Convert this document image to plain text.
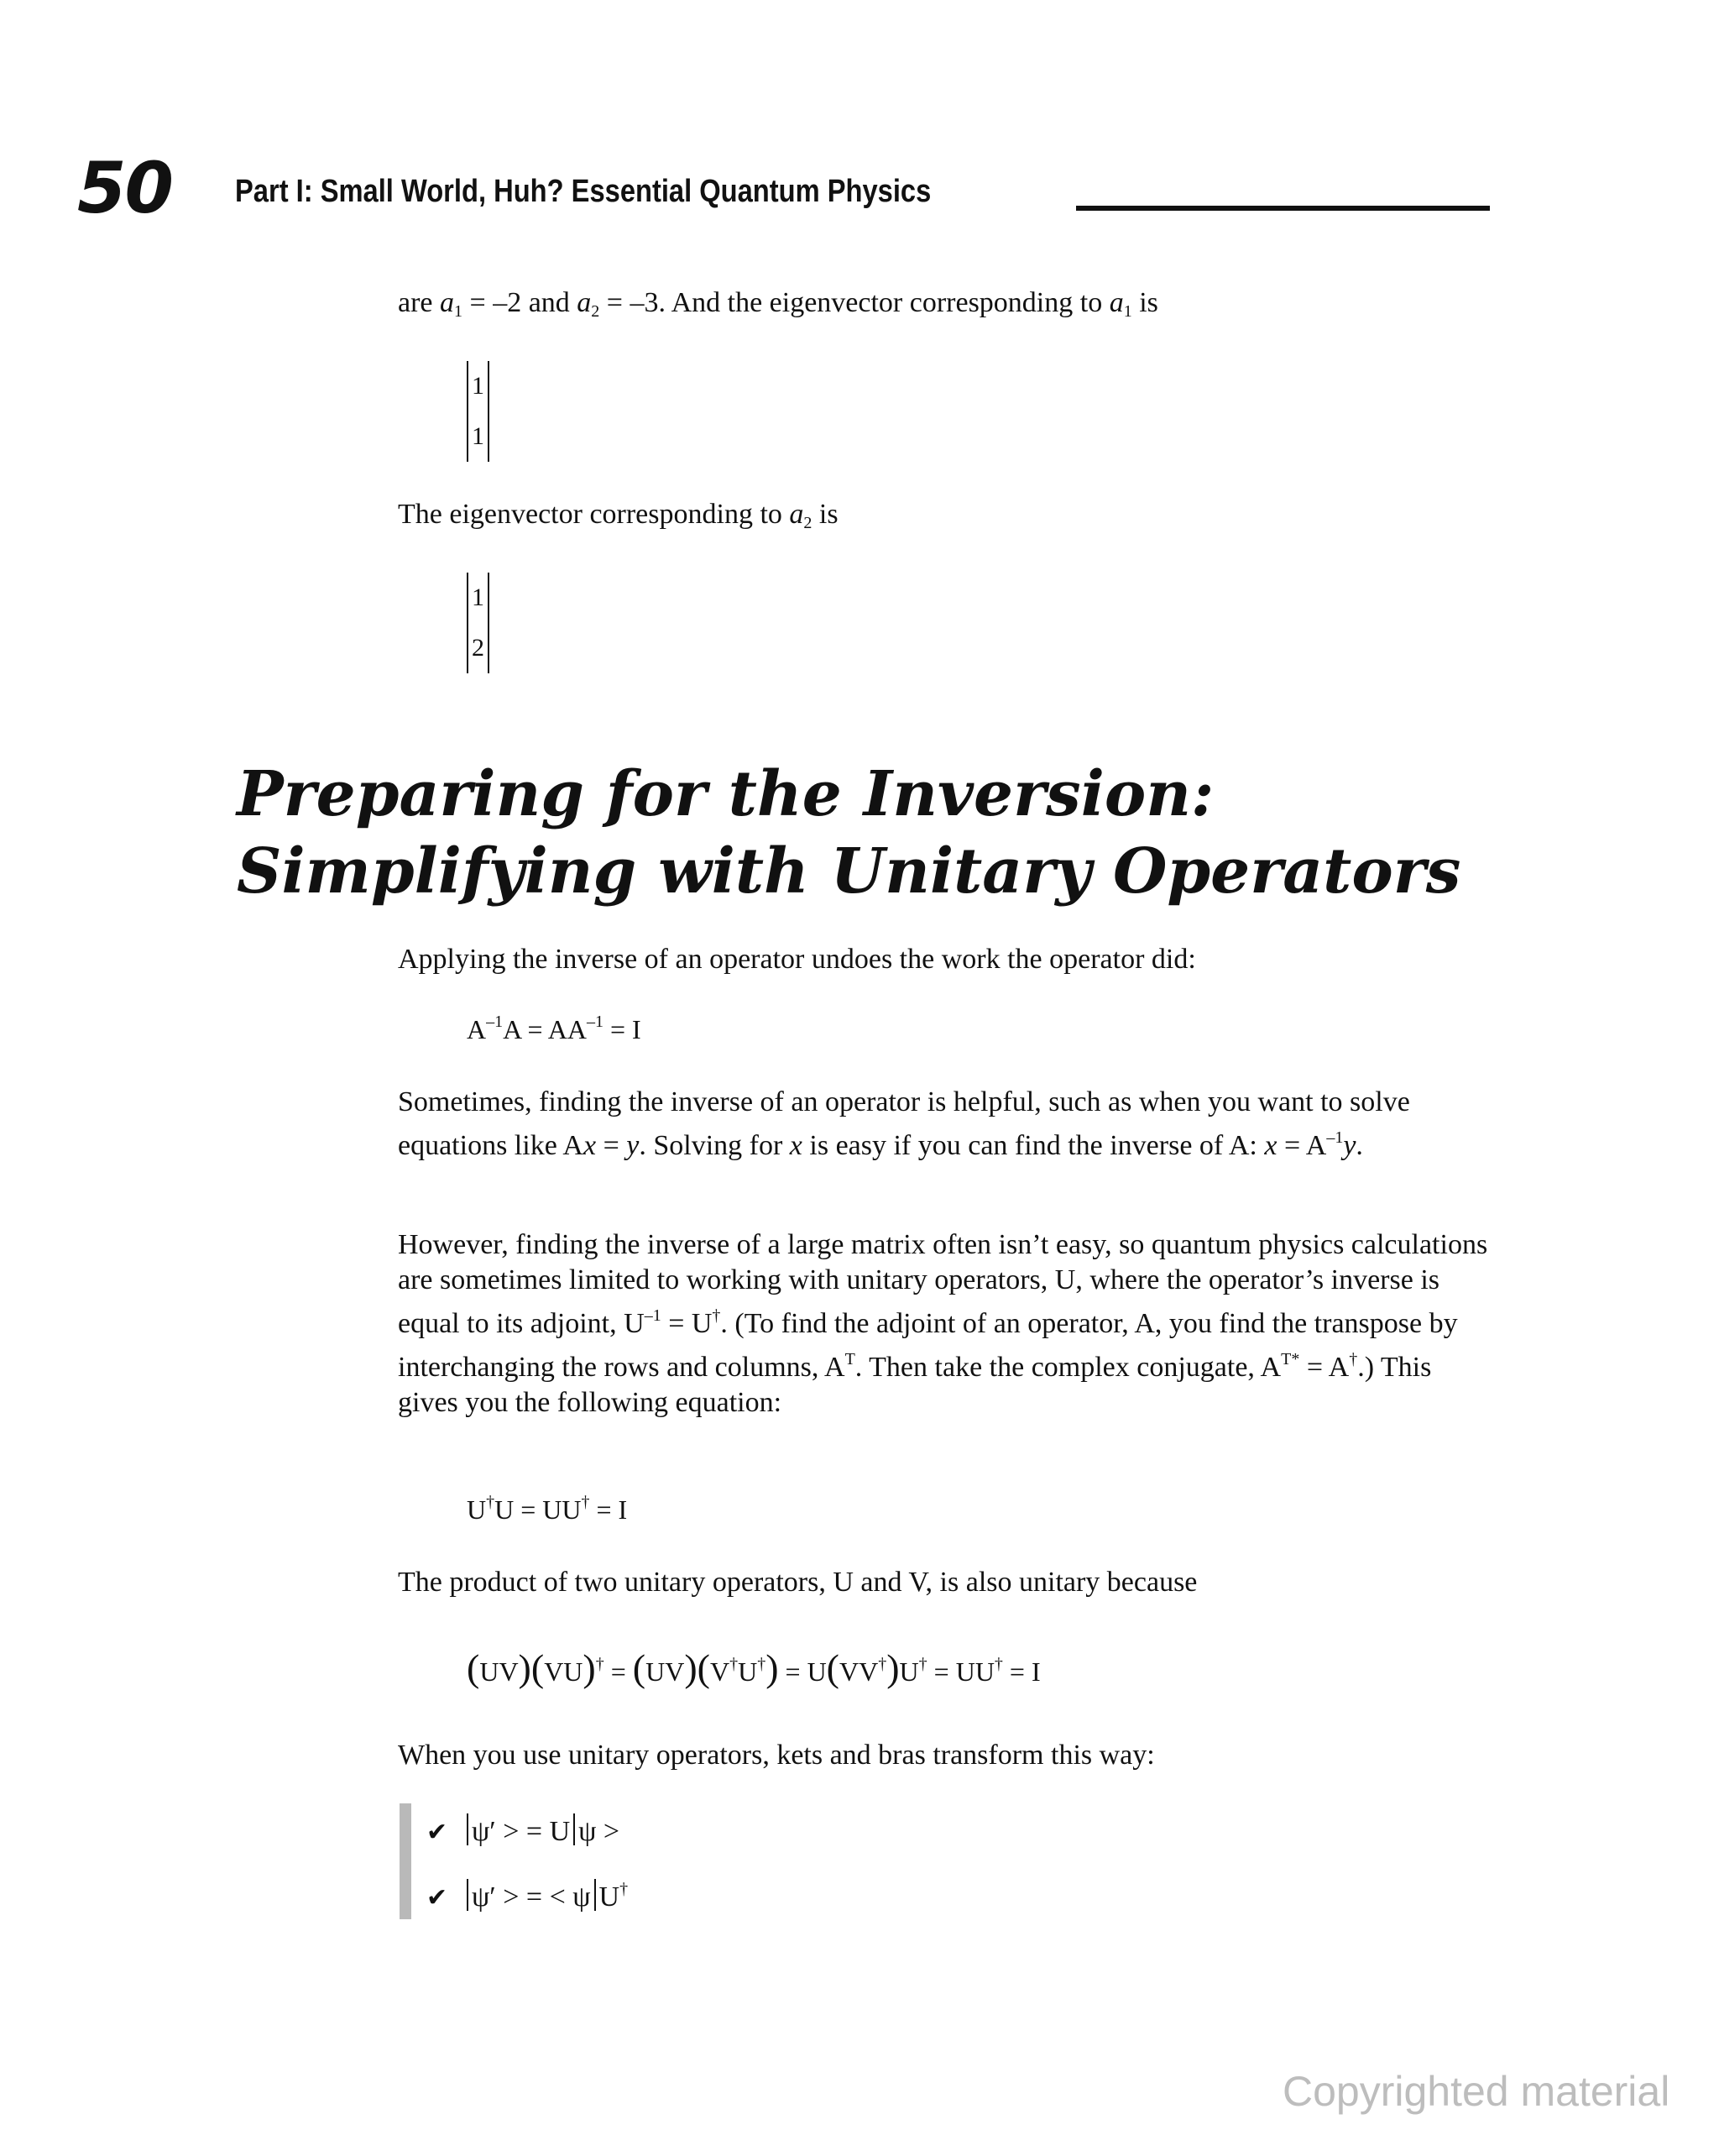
50 Part I: Small World, Huh? Essential Quantum Physics
are $a_1 = -2$ and $a_2 = -3$. And the eigenvector corresponding to $a_1$ is
1
1
The eigenvector corresponding to $a_2$ is
1
2
Preparing for the Inversion: Simplifying with Unitary Operators
Applying the inverse of an operator undoes the work the operator did:
$A^{-1}A = AA^{-1} = I$
Sometimes, finding the inverse of an operator is helpful, such as when you want to solve equations like Ax = y. Solving for x is easy if you can find the inverse of A: $x = A^{-1}y$.
However, finding the inverse of a large matrix often isn’t easy, so quantum physics calculations are sometimes limited to working with unitary operators, U, where the operator’s inverse is equal to its adjoint, $U^{-1} = U^\dagger$. (To find the adjoint of an operator, A, you find the transpose by interchanging the rows and columns, $A^T$. Then take the complex conjugate, $A^{T*} = A^\dagger$.) This gives you the following equation:
U†U = UU† = I
The product of two unitary operators, U and V, is also unitary because
(UV)(VU)† = (UV)(V†U†) = U(VV†)U† = UU† = I
When you use unitary operators, kets and bras transform this way:
✔ ψ′ > = U ψ >
✔ ψ′ > = < ψ U†
Copyrighted material
